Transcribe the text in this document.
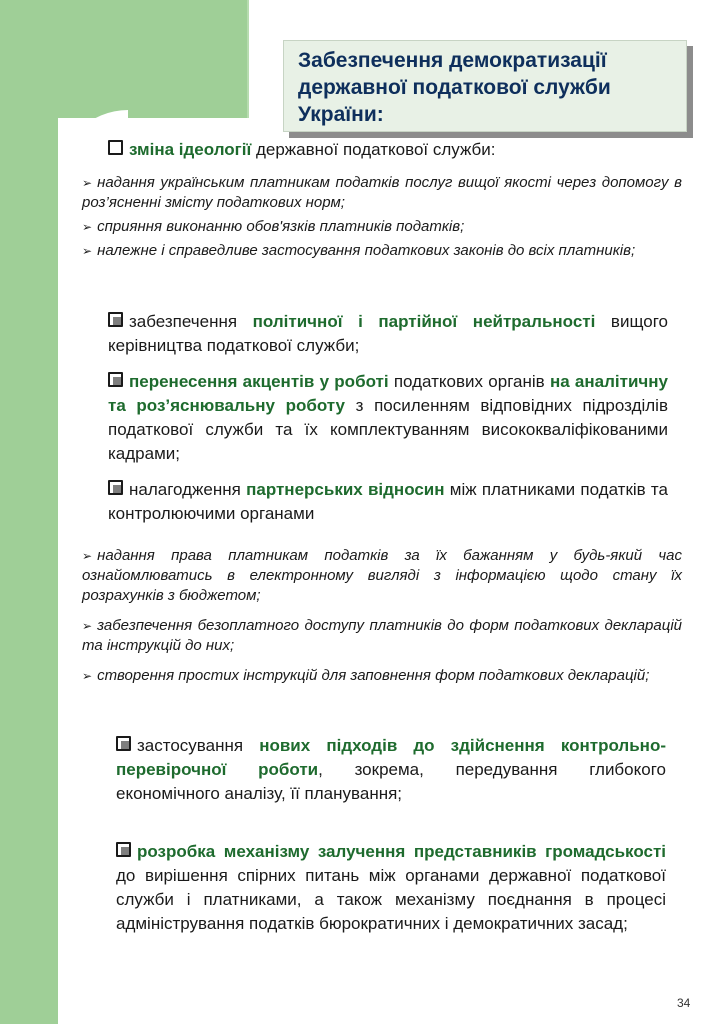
Забезпечення демократизації
державної податкової служби
України:

зміна ідеології державної податкової служби:

➢ надання українським платникам податків послуг вищої якості через допомогу в роз’ясненні змісту податкових норм;

➢ сприяння виконанню обов'язків платників податків;

➢ належне і справедливе застосування податкових законів до всіх платників;

забезпечення політичної і партійної нейтральності вищого керівництва податкової служби;

перенесення акцентів у роботі податкових органів на аналітичну та роз’яснювальну роботу з посиленням відповідних підрозділів податкової служби та їх комплектуванням висококваліфікованими кадрами;

налагодження партнерських відносин між платниками податків та контролюючими органами

➢ надання права платникам податків за їх бажанням у будь-який час ознайомлюватись в електронному вигляді з інформацією щодо стану їх розрахунків з бюджетом;

➢ забезпечення безоплатного доступу платників до форм податкових декларацій та інструкцій до них;

➢ створення простих інструкцій для заповнення форм податкових декларацій;

застосування нових підходів до здійснення контрольно-перевірочної роботи, зокрема, передування глибокого економічного аналізу, її планування;

розробка механізму залучення представників громадськості до вирішення спірних питань між органами державної податкової служби і платниками, а також механізму поєднання в процесі адміністрування податків бюрократичних і демократичних засад;

34
